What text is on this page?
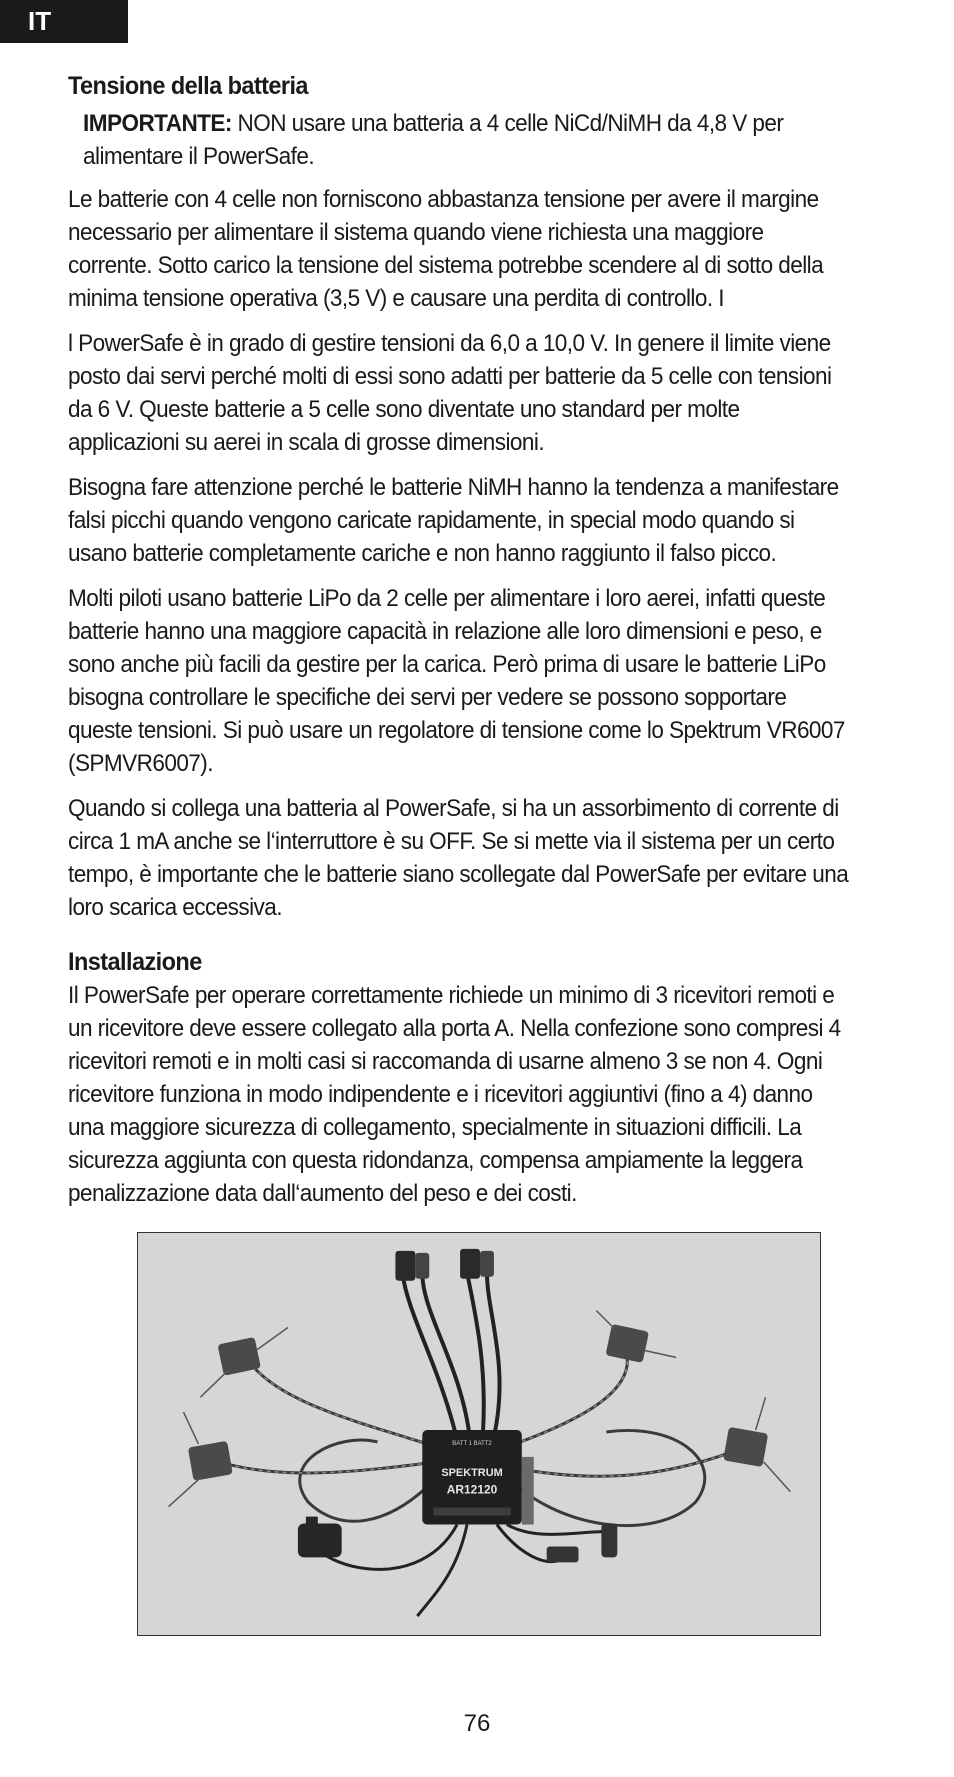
IT
Tensione della batteria

IMPORTANTE: NON usare una batteria a 4 celle NiCd/NiMH da 4,8 V per alimentare il PowerSafe.

Le batterie con 4 celle non forniscono abbastanza tensione per avere il margine necessario per alimentare il sistema quando viene richiesta una maggiore corrente. Sotto carico la tensione del sistema potrebbe scendere al di sotto della minima tensione operativa (3,5 V) e causare una perdita di controllo. I

l PowerSafe è in grado di gestire tensioni da 6,0 a 10,0 V. In genere il limite viene posto dai servi perché molti di essi sono adatti per batterie da 5 celle con tensioni da 6 V. Queste batterie a 5 celle sono diventate uno standard per molte applicazioni su aerei in scala di grosse dimensioni.

Bisogna fare attenzione perché le batterie NiMH hanno la tendenza a manifestare falsi picchi quando vengono caricate rapidamente, in special modo quando si usano batterie completamente cariche e non hanno raggiunto il falso picco.

Molti piloti usano batterie LiPo da 2 celle per alimentare i loro aerei, infatti queste batterie hanno una maggiore capacità in relazione alle loro dimensioni e peso, e sono anche più facili da gestire per la carica. Però prima di usare le batterie LiPo bisogna controllare le specifiche dei servi per vedere se possono sopportare queste tensioni. Si può usare un regolatore di tensione come lo Spektrum VR6007 (SPMVR6007).

Quando si collega una batteria al PowerSafe, si ha un assorbimento di corrente di circa 1 mA anche se l‘interruttore è su OFF. Se si mette via il sistema per un certo tempo, è importante che le batterie siano scollegate dal PowerSafe per evitare una loro scarica eccessiva.

Installazione

Il PowerSafe per operare correttamente richiede un minimo di 3 ricevitori remoti e un ricevitore deve essere collegato alla porta A. Nella confezione sono compresi 4 ricevitori remoti e in molti casi si raccomanda di usarne almeno 3 se non 4. Ogni ricevitore funziona in modo indipendente e i ricevitori aggiuntivi (fino a 4) danno una maggiore sicurezza di collegamento, specialmente in situazioni difficili. La sicurezza aggiunta con questa ridondanza, compensa ampiamente la leggera penalizzazione data dall‘aumento del peso e dei costi.

BATT 1 BATT2
SPEKTRUM
AR12120
76
